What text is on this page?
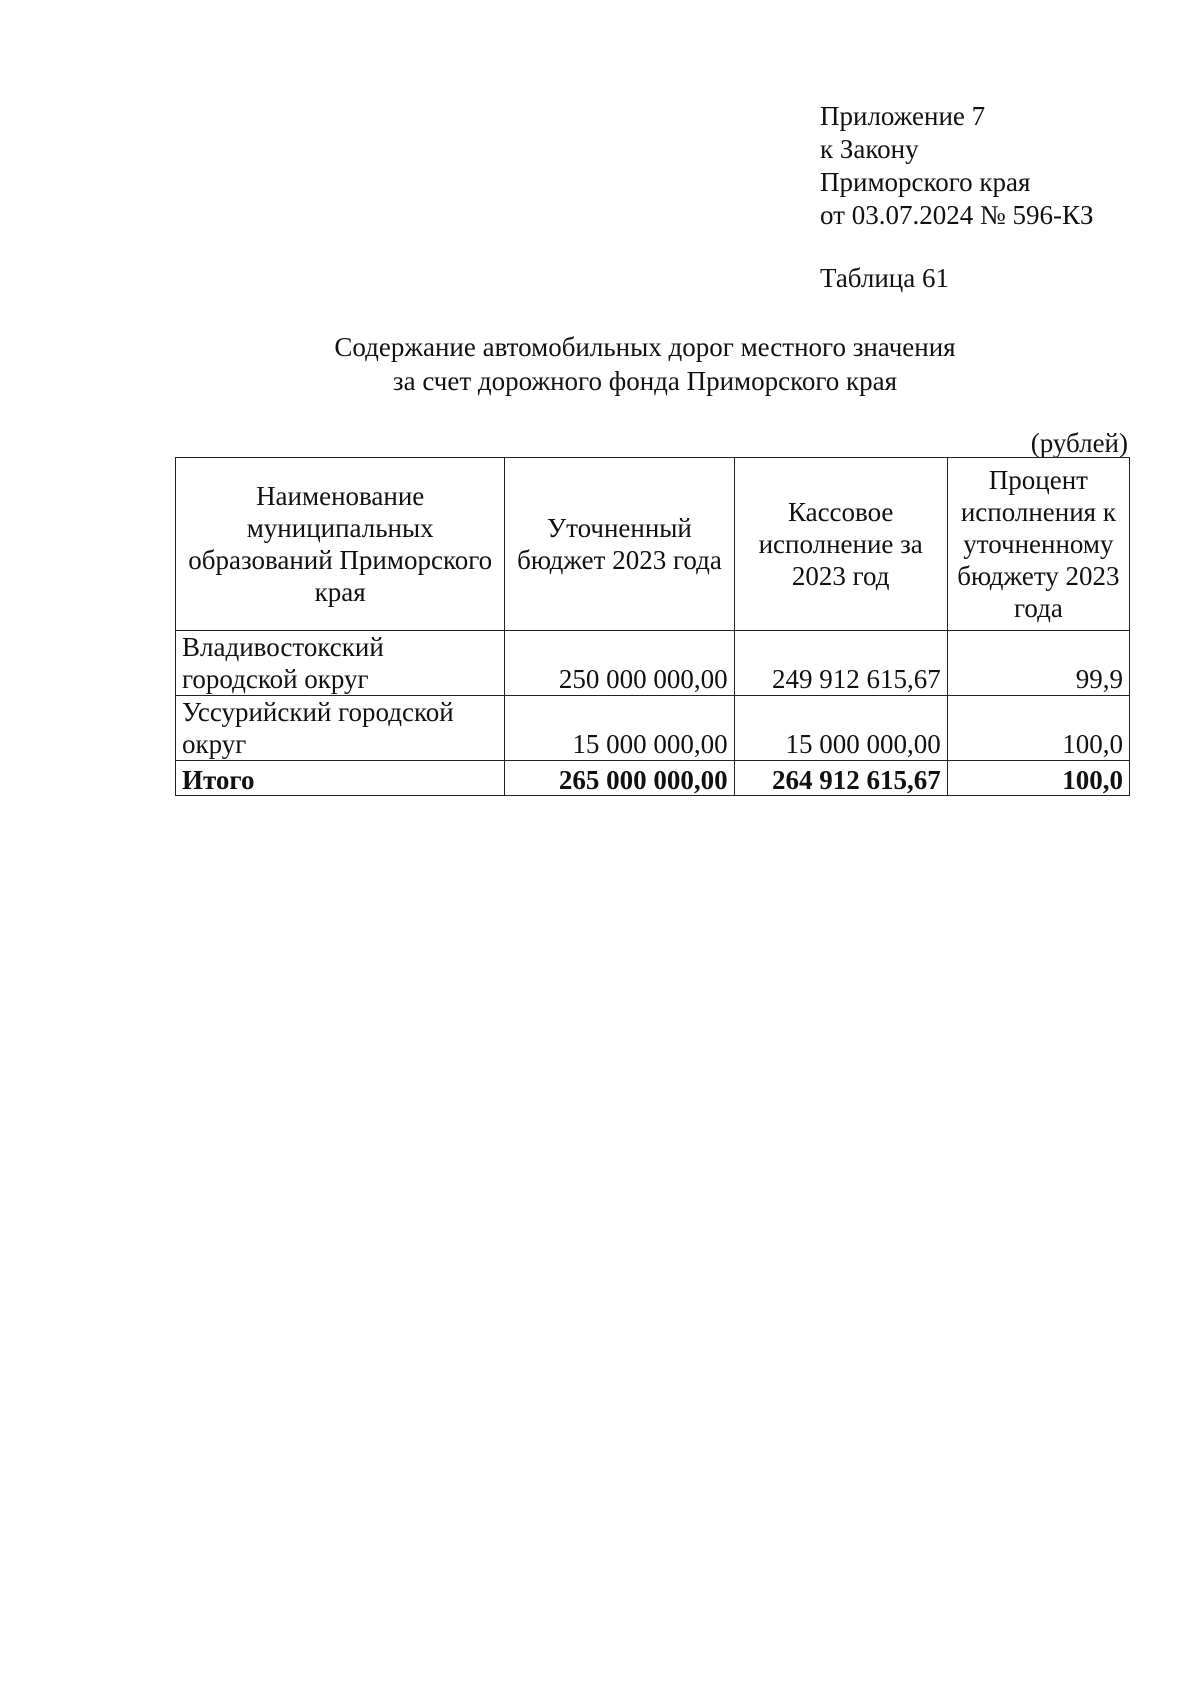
Приложение 7
к Закону
Приморского края
от 03.07.2024 № 596-КЗ
Таблица 61
Содержание автомобильных дорог местного значения
за счет дорожного фонда Приморского края
(рублей)
Наименование муниципальных образований Приморского края	Уточненный бюджет 2023 года	Кассовое исполнение за 2023 год	Процент исполнения к уточненному бюджету 2023 года
Владивостокский городской округ	250 000 000,00	249 912 615,67	99,9
Уссурийский городской округ	15 000 000,00	15 000 000,00	100,0
Итого	265 000 000,00	264 912 615,67	100,0
